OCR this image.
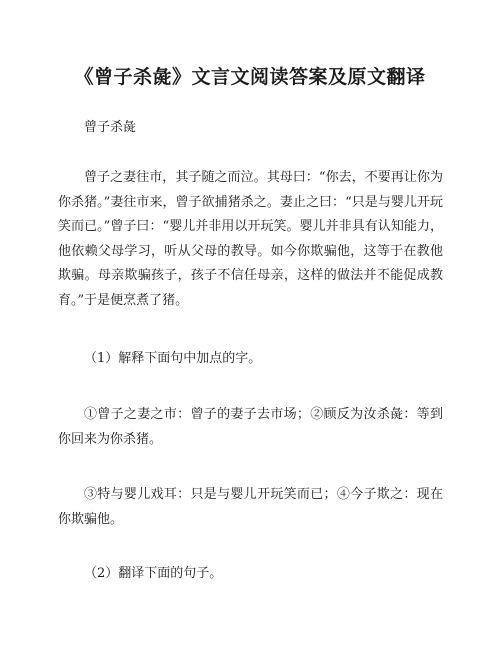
《曾子杀彘》文言文阅读答案及原文翻译
曾子杀彘
曾子之妻往市，其子随之而泣。其母曰：“你去，不要再让你为你杀猪。”妻往市来，曾子欲捕猪杀之。妻止之曰：“只是与婴儿开玩笑而已。”曾子曰：“婴儿并非用以开玩笑。婴儿并非具有认知能力，他依赖父母学习，听从父母的教导。如今你欺骗他，这等于在教他欺骗。母亲欺骗孩子，孩子不信任母亲，这样的做法并不能促成教育。”于是便烹煮了猪。
（1）解释下面句中加点的字。
①曾子之妻之市：曾子的妻子去市场；②顾反为汝杀彘：等到你回来为你杀猪。
③特与婴儿戏耳：只是与婴儿开玩笑而已；④今子欺之：现在你欺骗他。
（2）翻译下面的句子。
